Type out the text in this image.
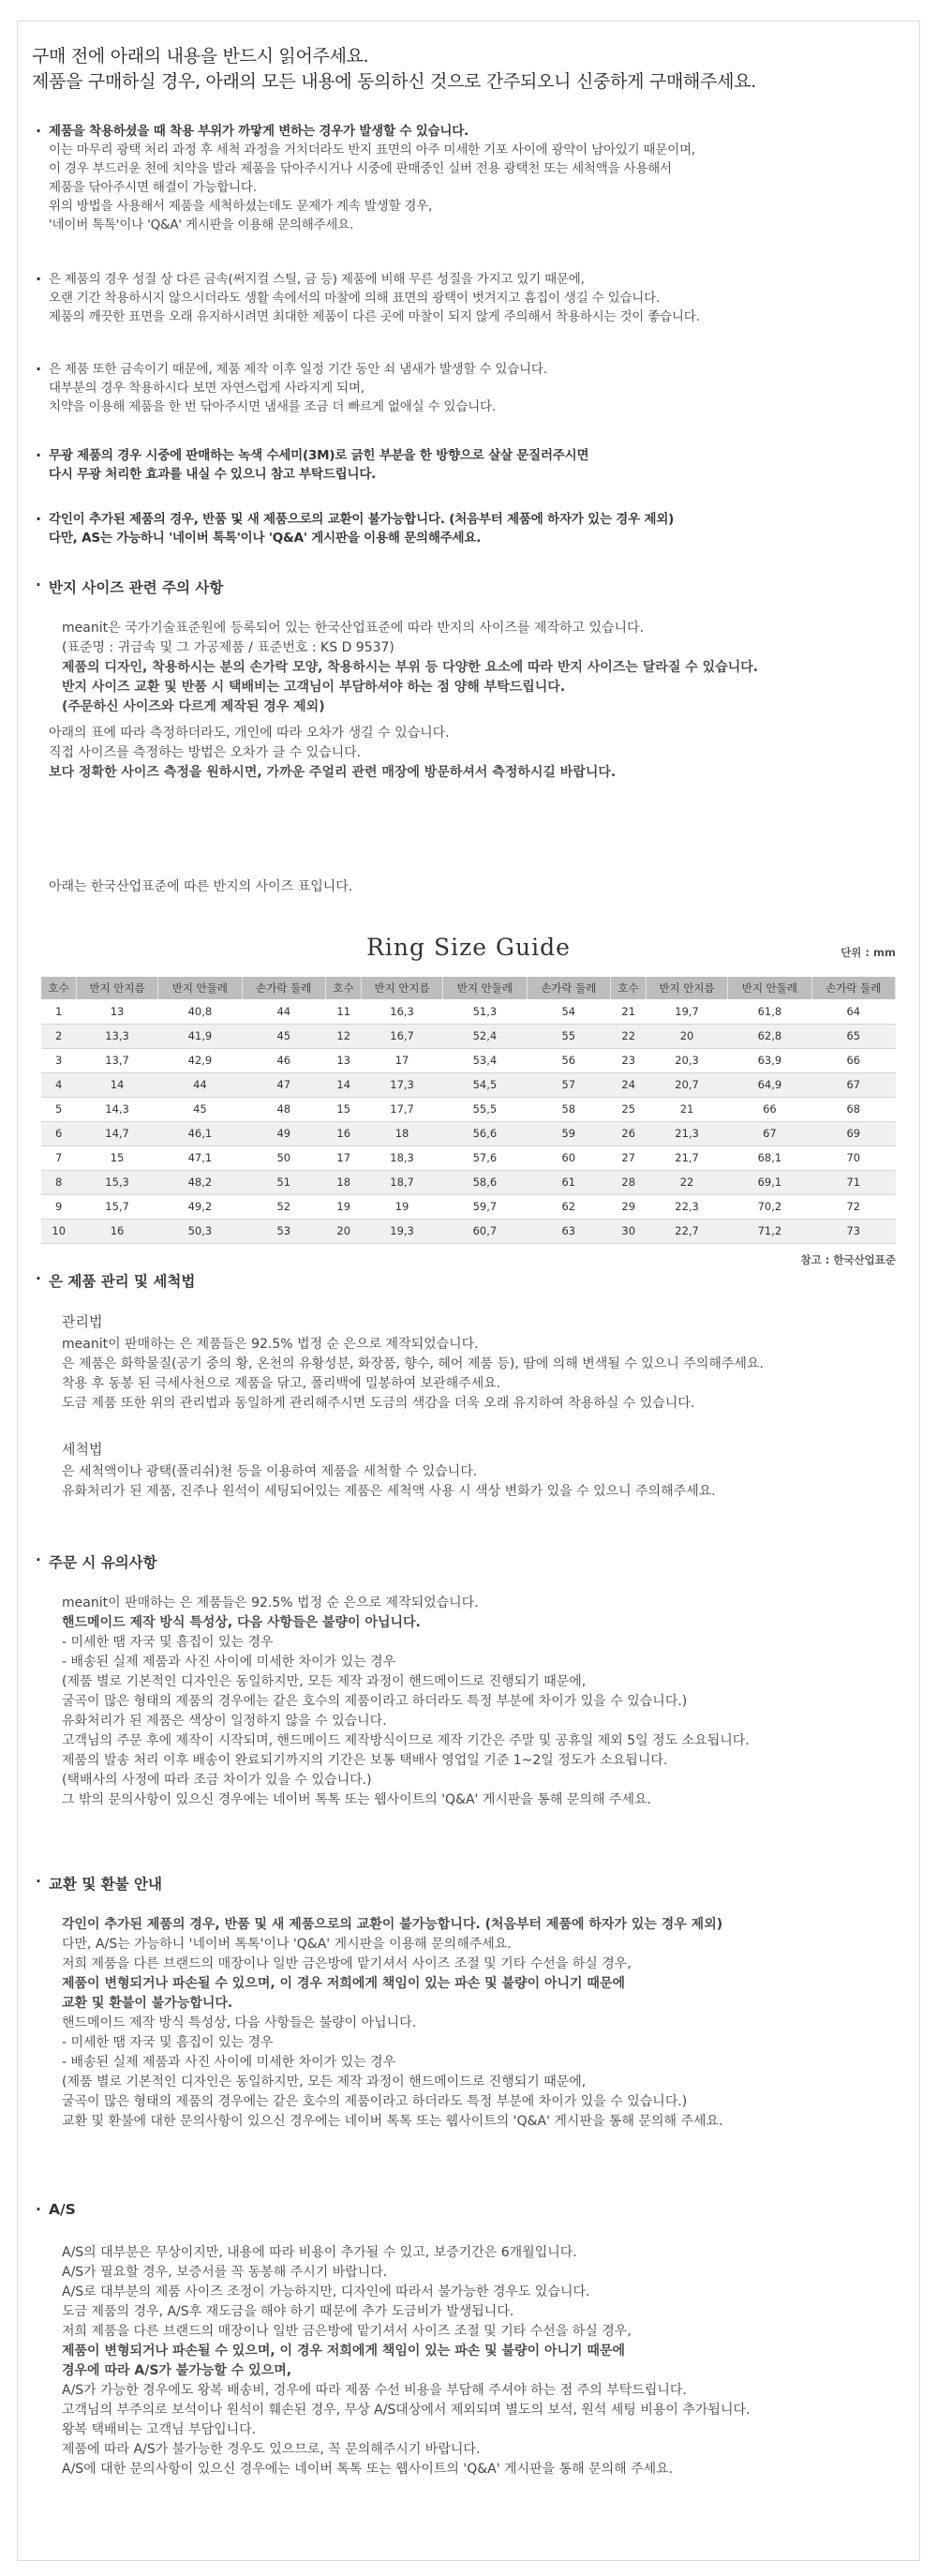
구매 전에 아래의 내용을 반드시 읽어주세요.
제품을 구매하실 경우, 아래의 모든 내용에 동의하신 것으로 간주되오니 신중하게 구매해주세요.
· 제품을 착용하셨을 때 착용 부위가 까맣게 변하는 경우가 발생할 수 있습니다.
이는 마무리 광택 처리 과정 후 세척 과정을 거치더라도 반지 표면의 아주 미세한 기포 사이에 광약이 남아있기 때문이며,
이 경우 부드러운 천에 치약을 발라 제품을 닦아주시거나 시중에 판매중인 실버 전용 광택천 또는 세척액을 사용해서
제품을 닦아주시면 해결이 가능합니다.
위의 방법을 사용해서 제품을 세척하셨는데도 문제가 계속 발생할 경우,
'네이버 톡톡'이나 'Q&A' 게시판을 이용해 문의해주세요.
· 은 제품의 경우 성질 상 다른 금속(써지컬 스틸, 금 등) 제품에 비해 무른 성질을 가지고 있기 때문에,
오랜 기간 착용하시지 않으시더라도 생활 속에서의 마찰에 의해 표면의 광택이 벗겨지고 흠집이 생길 수 있습니다.
제품의 깨끗한 표면을 오래 유지하시려면 최대한 제품이 다른 곳에 마찰이 되지 않게 주의해서 착용하시는 것이 좋습니다.
· 은 제품 또한 금속이기 때문에, 제품 제작 이후 일정 기간 동안 쇠 냄새가 발생할 수 있습니다.
대부분의 경우 착용하시다 보면 자연스럽게 사라지게 되며,
치약을 이용해 제품을 한 번 닦아주시면 냄새를 조금 더 빠르게 없애실 수 있습니다.
· 무광 제품의 경우 시중에 판매하는 녹색 수세미(3M)로 긁힌 부분을 한 방향으로 살살 문질러주시면
다시 무광 처리한 효과를 내실 수 있으니 참고 부탁드립니다.
· 각인이 추가된 제품의 경우, 반품 및 새 제품으로의 교환이 불가능합니다. (처음부터 제품에 하자가 있는 경우 제외)
다만, AS는 가능하니 '네이버 톡톡'이나 'Q&A' 게시판을 이용해 문의해주세요.
· 반지 사이즈 관련 주의 사항
meanit은 국가기술표준원에 등록되어 있는 한국산업표준에 따라 반지의 사이즈를 제작하고 있습니다.
(표준명 : 귀금속 및 그 가공제품 / 표준번호 : KS D 9537)
제품의 디자인, 착용하시는 분의 손가락 모양, 착용하시는 부위 등 다양한 요소에 따라 반지 사이즈는 달라질 수 있습니다.
반지 사이즈 교환 및 반품 시 택배비는 고객님이 부담하셔야 하는 점 양해 부탁드립니다.
(주문하신 사이즈와 다르게 제작된 경우 제외)
아래의 표에 따라 측정하더라도, 개인에 따라 오차가 생길 수 있습니다.
직접 사이즈를 측정하는 방법은 오차가 클 수 있습니다.
보다 정확한 사이즈 측정을 원하시면, 가까운 주얼리 관련 매장에 방문하셔서 측정하시길 바랍니다.
아래는 한국산업표준에 따른 반지의 사이즈 표입니다.
Ring Size Guide	단위 : mm
호수	반지 안지름	반지 안둘레	손가락 둘레
1	13	40,8	44
2	13,3	41,9	45
3	13,7	42,9	46
4	14	44	47
5	14,3	45	48
6	14,7	46,1	49
7	15	47,1	50
8	15,3	48,2	51
9	15,7	49,2	52
10	16	50,3	53
호수	반지 안지름	반지 안둘레	손가락 둘레
11	16,3	51,3	54
12	16,7	52,4	55
13	17	53,4	56
14	17,3	54,5	57
15	17,7	55,5	58
16	18	56,6	59
17	18,3	57,6	60
18	18,7	58,6	61
19	19	59,7	62
20	19,3	60,7	63
호수	반지 안지름	반지 안둘레	손가락 둘레
21	19,7	61,8	64
22	20	62,8	65
23	20,3	63,9	66
24	20,7	64,9	67
25	21	66	68
26	21,3	67	69
27	21,7	68,1	70
28	22	69,1	71
29	22,3	70,2	72
30	22,7	71,2	73
참고 : 한국산업표준
· 은 제품 관리 및 세척법
관리법
meanit이 판매하는 은 제품들은 92.5% 법정 순 은으로 제작되었습니다.
은 제품은 화학물질(공기 중의 황, 온천의 유황성분, 화장품, 향수, 헤어 제품 등), 땀에 의해 변색될 수 있으니 주의해주세요.
착용 후 동봉 된 극세사천으로 제품을 닦고, 폴리백에 밀봉하여 보관해주세요.
도금 제품 또한 위의 관리법과 동일하게 관리해주시면 도금의 색감을 더욱 오래 유지하여 착용하실 수 있습니다.
세척법
은 세척액이나 광택(폴리쉬)천 등을 이용하여 제품을 세척할 수 있습니다.
유화처리가 된 제품, 진주나 원석이 세팅되어있는 제품은 세척액 사용 시 색상 변화가 있을 수 있으니 주의해주세요.
· 주문 시 유의사항
meanit이 판매하는 은 제품들은 92.5% 법정 순 은으로 제작되었습니다.
핸드메이드 제작 방식 특성상, 다음 사항들은 불량이 아닙니다.
- 미세한 땜 자국 및 흠집이 있는 경우
- 배송된 실제 제품과 사진 사이에 미세한 차이가 있는 경우
(제품 별로 기본적인 디자인은 동일하지만, 모든 제작 과정이 핸드메이드로 진행되기 때문에,
굴곡이 많은 형태의 제품의 경우에는 같은 호수의 제품이라고 하더라도 특정 부분에 차이가 있을 수 있습니다.)
유화처리가 된 제품은 색상이 일정하지 않을 수 있습니다.
고객님의 주문 후에 제작이 시작되며, 핸드메이드 제작방식이므로 제작 기간은 주말 및 공휴일 제외 5일 정도 소요됩니다.
제품의 발송 처리 이후 배송이 완료되기까지의 기간은 보통 택배사 영업일 기준 1~2일 정도가 소요됩니다.
(택배사의 사정에 따라 조금 차이가 있을 수 있습니다.)
그 밖의 문의사항이 있으신 경우에는 네이버 톡톡 또는 웹사이트의 'Q&A' 게시판을 통해 문의해 주세요.
· 교환 및 환불 안내
각인이 추가된 제품의 경우, 반품 및 새 제품으로의 교환이 불가능합니다. (처음부터 제품에 하자가 있는 경우 제외)
다만, A/S는 가능하니 '네이버 톡톡'이나 'Q&A' 게시판을 이용해 문의해주세요.
저희 제품을 다른 브랜드의 매장이나 일반 금은방에 맡기셔서 사이즈 조절 및 기타 수선을 하실 경우,
제품이 변형되거나 파손될 수 있으며, 이 경우 저희에게 책임이 있는 파손 및 불량이 아니기 때문에
교환 및 환불이 불가능합니다.
핸드메이드 제작 방식 특성상, 다음 사항들은 불량이 아닙니다.
- 미세한 땜 자국 및 흠집이 있는 경우
- 배송된 실제 제품과 사진 사이에 미세한 차이가 있는 경우
(제품 별로 기본적인 디자인은 동일하지만, 모든 제작 과정이 핸드메이드로 진행되기 때문에,
굴곡이 많은 형태의 제품의 경우에는 같은 호수의 제품이라고 하더라도 특정 부분에 차이가 있을 수 있습니다.)
교환 및 환불에 대한 문의사항이 있으신 경우에는 네이버 톡톡 또는 웹사이트의 'Q&A' 게시판을 통해 문의해 주세요.
· A/S
A/S의 대부분은 무상이지만, 내용에 따라 비용이 추가될 수 있고, 보증기간은 6개월입니다.
A/S가 필요할 경우, 보증서를 꼭 동봉해 주시기 바랍니다.
A/S로 대부분의 제품 사이즈 조정이 가능하지만, 디자인에 따라서 불가능한 경우도 있습니다.
도금 제품의 경우, A/S후 재도금을 해야 하기 때문에 추가 도금비가 발생됩니다.
저희 제품을 다른 브랜드의 매장이나 일반 금은방에 맡기셔서 사이즈 조절 및 기타 수선을 하실 경우,
제품이 변형되거나 파손될 수 있으며, 이 경우 저희에게 책임이 있는 파손 및 불량이 아니기 때문에
경우에 따라 A/S가 불가능할 수 있으며,
A/S가 가능한 경우에도 왕복 배송비, 경우에 따라 제품 수선 비용을 부담해 주셔야 하는 점 주의 부탁드립니다.
고객님의 부주의로 보석이나 원석이 훼손된 경우, 무상 A/S대상에서 제외되며 별도의 보석, 원석 세팅 비용이 추가됩니다.
왕복 택배비는 고객님 부담입니다.
제품에 따라 A/S가 불가능한 경우도 있으므로, 꼭 문의해주시기 바랍니다.
A/S에 대한 문의사항이 있으신 경우에는 네이버 톡톡 또는 웹사이트의 'Q&A' 게시판을 통해 문의해 주세요.
